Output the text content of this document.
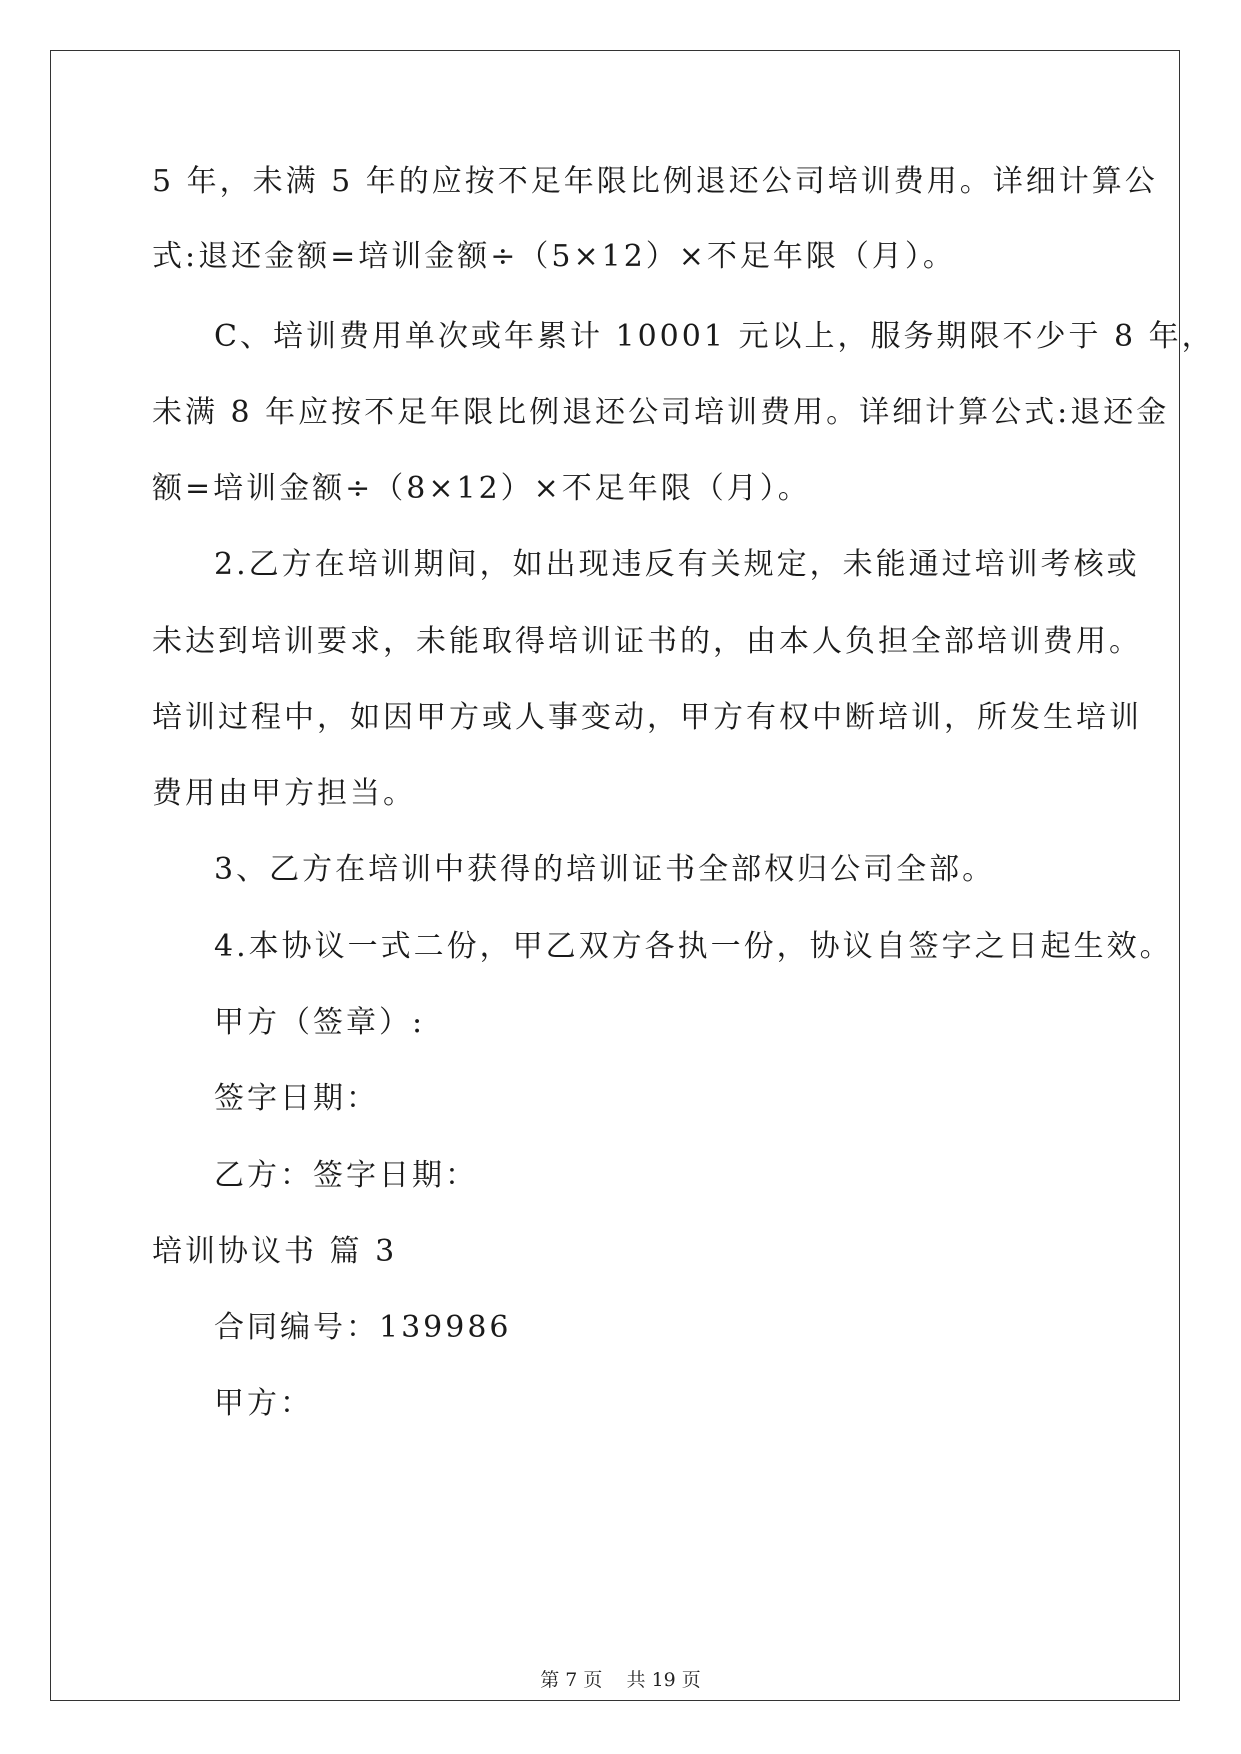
5 年，未满 5 年的应按不足年限比例退还公司培训费用。详细计算公
式:退还金额=培训金额÷（5×12）×不足年限（月）。
C、培训费用单次或年累计 10001 元以上，服务期限不少于 8 年，
未满 8 年应按不足年限比例退还公司培训费用。详细计算公式:退还金
额=培训金额÷（8×12）×不足年限（月）。
2.乙方在培训期间，如出现违反有关规定，未能通过培训考核或
未达到培训要求，未能取得培训证书的，由本人负担全部培训费用。
培训过程中，如因甲方或人事变动，甲方有权中断培训，所发生培训
费用由甲方担当。
3、乙方在培训中获得的培训证书全部权归公司全部。
4.本协议一式二份，甲乙双方各执一份，协议自签字之日起生效。
甲方（签章）:
签字日期：
乙方：签字日期：
培训协议书 篇 3
合同编号：139986
甲方：
第 7 页    共 19 页
